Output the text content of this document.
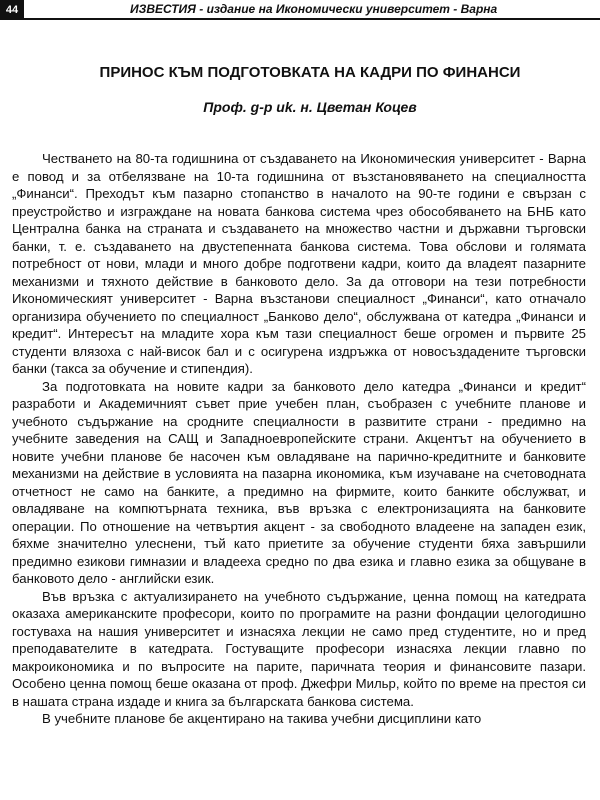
44	ИЗВЕСТИЯ - издание на Икономически университет - Варна
ПРИНОС КЪМ ПОДГОТОВКАТА НА КАДРИ ПО ФИНАНСИ
Проф. g-p uk. н. Цветан Коцев

Честването на 80-та годишнина от създаването на Икономическия университет - Варна е повод и за отбелязване на 10-та годишнина от възстановяването на специалността „Финанси“. Преходът към пазарно стопанство в началото на 90-те години е свързан с преустройство и изграждане на новата банкова система чрез обособяването на БНБ като Централна банка на страната и създаването на множество частни и държавни търговски банки, т. е. създаването на двустепенната банкова система. Това обслови и голямата потребност от нови, млади и много добре подготвени кадри, които да владеят пазарните механизми и тяхното действие в банковото дело. За да отговори на тези потребности Икономическият университет - Варна възстанови специалност „Финанси“, като отначало организира обучението по специалност „Банково дело“, обслужвана от катедра „Финанси и кредит“. Интересът на младите хора към тази специалност беше огромен и първите 25 студенти влязоха с най-висок бал и с осигурена издръжка от новосъздадените търговски банки (такса за обучение и стипендия).

За подготовката на новите кадри за банковото дело катедра „Финанси и кредит“ разработи и Академичният съвет прие учебен план, съобразен с учебните планове и учебното съдържание на сродните специалности в развитите страни - предимно на учебните заведения на САЩ и Западноевропейските страни. Акцентът на обучението в новите учебни планове бе насочен към овладяване на парично-кредитните и банковите механизми на действие в условията на пазарна икономика, към изучаване на счетоводната отчетност не само на банките, а предимно на фирмите, които банките обслужват, и овладяване на компютърната техника, във връзка с електронизацията на банковите операции. По отношение на четвъртия акцент - за свободното владеене на западен език, бяхме значително улеснени, тъй като приетите за обучение студенти бяха завършили предимно езикови гимназии и владееха средно по два езика и главно езика за общуване в банковото дело - английски език.

Във връзка с актуализирането на учебното съдържание, ценна помощ на катедрата оказаха американските професори, които по програмите на разни фондации целогодишно гостуваха на нашия университет и изнасяха лекции не само пред студентите, но и пред преподавателите в катедрата. Гостуващите професори изнасяха лекции главно по макроикономика и по въпросите на парите, паричната теория и финансовите пазари. Особено ценна помощ беше оказана от проф. Джефри Мильр, който по време на престоя си в нашата страна издаде и книга за българската банкова система.

В учебните планове бе акцентирано на такива учебни дисциплини като
